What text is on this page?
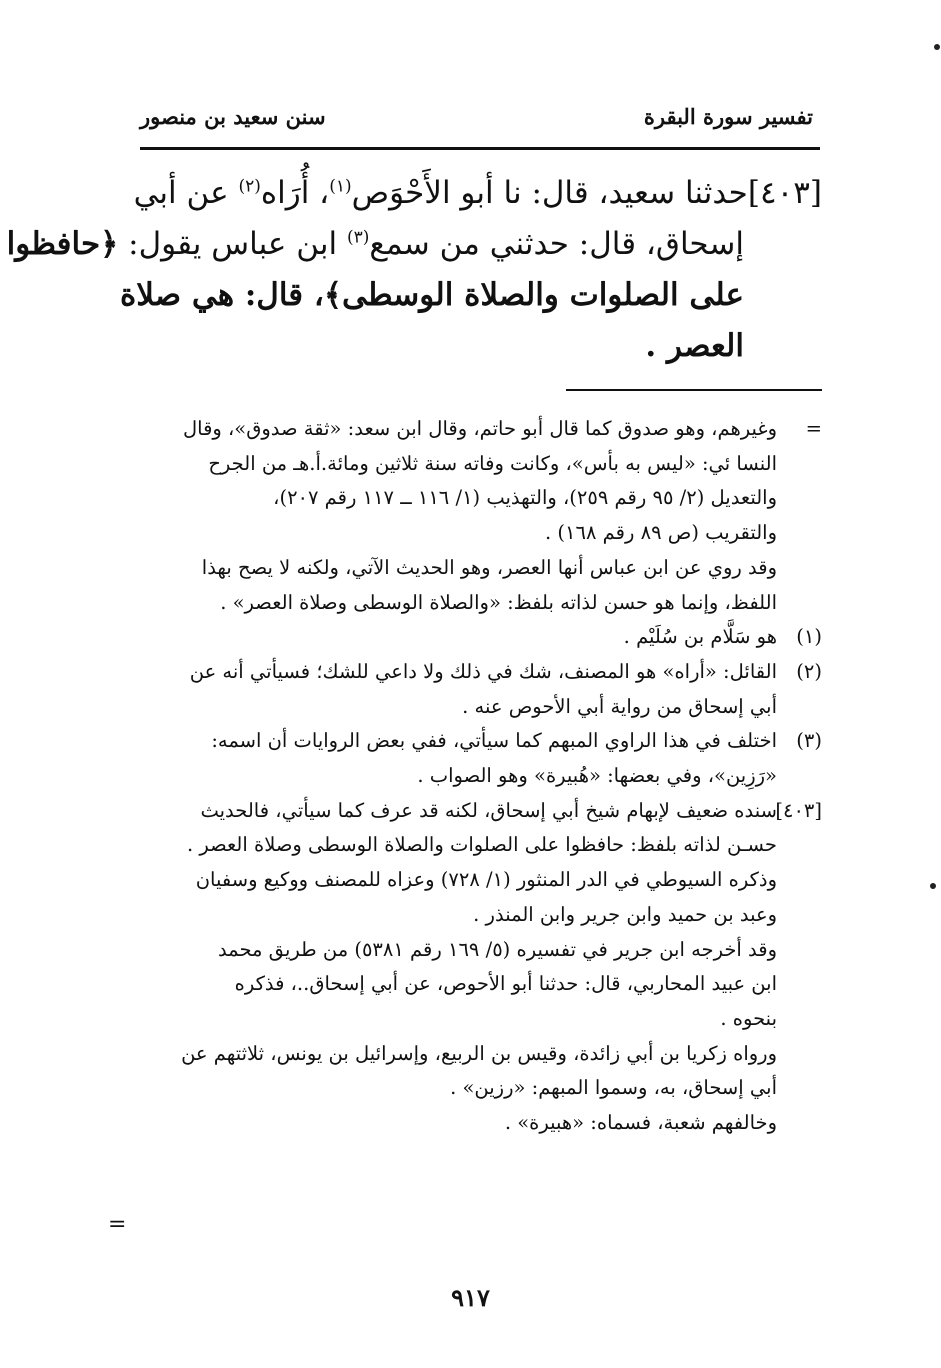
تفسير سورة البقرة
سنن سعيد بن منصور
[٤٠٣]حدثنا سعيد، قال: نا أبو الأَحْوَص$^{(١)}$، أُرَاه$^{(٢)}$ عن أبي
إسحاق، قال: حدثني من سمع$^{(٣)}$ ابن عباس يقول: ﴿حافظوا
على الصلوات والصلاة الوسطى﴾، قال: هي صلاة
العصر .
=
وغيرهم، وهو صدوق كما قال أبو حاتم، وقال ابن سعد: «ثقة صدوق»، وقال
النسا ئي: «ليس به بأس»، وكانت وفاته سنة ثلاثين ومائة.أ.هـ من الجرح
والتعديل (٢/ ٩٥ رقم ٢٥٩)، والتهذيب (١/ ١١٦ ــ ١١٧ رقم ٢٠٧)،
والتقريب (ص ٨٩ رقم ١٦٨) .
وقد روي عن ابن عباس أنها العصر، وهو الحديث الآتي، ولكنه لا يصح بهذا
اللفظ، وإنما هو حسن لذاته بلفظ: «والصلاة الوسطى وصلاة العصر» .
(١)
هو سَلَّام بن سُلَيْم .
(٢)
القائل: «أراه» هو المصنف، شك في ذلك ولا داعي للشك؛ فسيأتي أنه عن
أبي إسحاق من رواية أبي الأحوص عنه .
(٣)
اختلف في هذا الراوي المبهم كما سيأتي، ففي بعض الروايات أن اسمه:
«رَزِين»، وفي بعضها: «هُبيرة» وهو الصواب .
[٤٠٣]
سنده ضعيف لإبهام شيخ أبي إسحاق، لكنه قد عرف كما سيأتي، فالحديث
حسـن لذاته بلفظ: حافظوا على الصلوات والصلاة الوسطى وصلاة العصر .
وذكره السيوطي في الدر المنثور (١/ ٧٢٨) وعزاه للمصنف ووكيع وسفيان
وعبد بن حميد وابن جرير وابن المنذر .
وقد أخرجه ابن جرير في تفسيره (٥/ ١٦٩ رقم ٥٣٨١) من طريق محمد
ابن عبيد المحاربي، قال: حدثنا أبو الأحوص، عن أبي إسحاق..، فذكره
بنحوه .
ورواه زكريا بن أبي زائدة، وقيس بن الربيع، وإسرائيل بن يونس، ثلاثتهم عن
أبي إسحاق، به، وسموا المبهم: «رزين» .
وخالفهم شعبة، فسماه: «هبيرة» .
=
٩١٧
